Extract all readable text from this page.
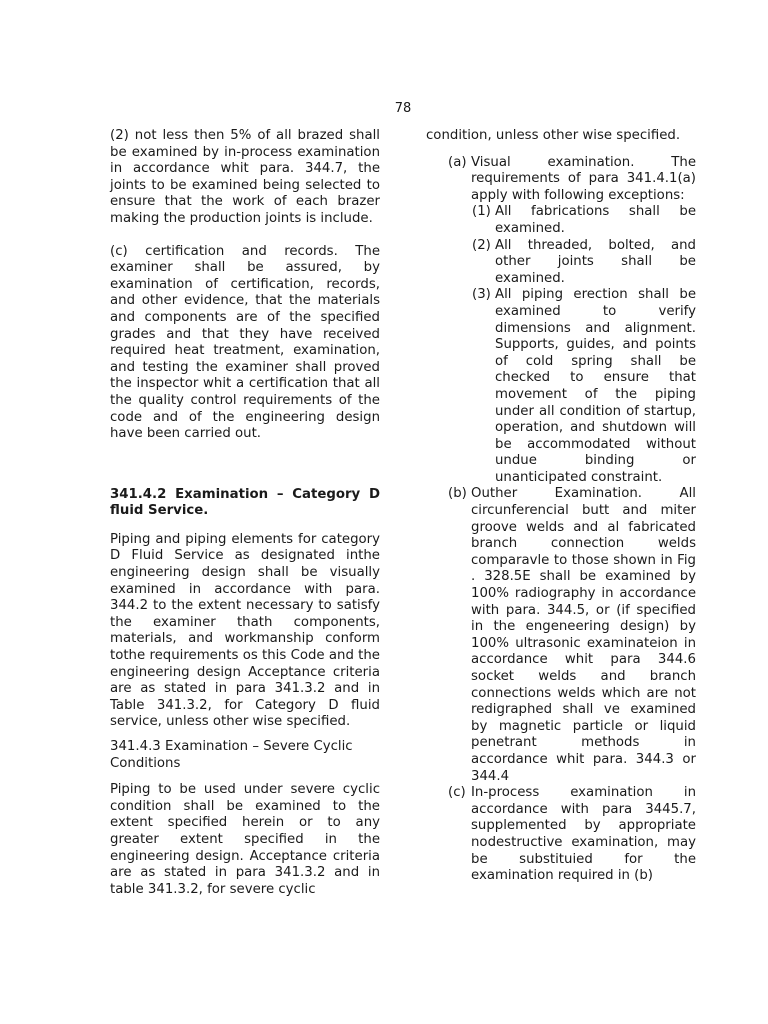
78

(2) not less then 5% of all brazed shall be examined by in-process examination in accordance whit para. 344.7, the joints to be examined being selected to ensure that the work of each brazer making the production joints is include.

(c) certification and records. The examiner shall be assured, by examination of certification, records, and other evidence, that the materials and components are of the specified grades and that they have received required heat treatment, examination, and testing the examiner shall proved the inspector whit a certification that all the quality control requirements of the code and of the engineering design have been carried out.

341.4.2 Examination – Category D fluid Service.

Piping and piping elements for category D Fluid Service as designated inthe engineering design shall be visually examined in accordance with para. 344.2 to the extent necessary to satisfy the examiner thath components, materials, and workmanship conform tothe requirements os this Code and the engineering design Acceptance criteria are as stated in para 341.3.2 and in Table 341.3.2, for Category D fluid service, unless other wise specified.

341.4.3 Examination – Severe Cyclic Conditions

Piping to be used under severe cyclic condition shall be examined to the extent specified herein or to any greater extent specified in the engineering design. Acceptance criteria are as stated in para 341.3.2 and in table 341.3.2, for severe cyclic

condition, unless other wise specified.

(a) Visual examination. The requirements of para 341.4.1(a) apply with following exceptions:
(1) All fabrications shall be examined.
(2) All threaded, bolted, and other joints shall be examined.
(3) All piping erection shall be examined to verify dimensions and alignment. Supports, guides, and points of cold spring shall be checked to ensure that movement of the piping under all condition of startup, operation, and shutdown will be accommodated without undue binding or unanticipated constraint.
(b) Outher Examination. All circunferencial butt and miter groove welds and al fabricated branch connection welds comparavle to those shown in Fig . 328.5E shall be examined by 100% radiography in accordance with para. 344.5, or (if specified in the engeneering design) by 100% ultrasonic examinateion in accordance whit para 344.6 socket welds and branch connections welds which are not redigraphed shall ve examined by magnetic particle or liquid penetrant methods in accordance whit para. 344.3 or 344.4
(c) In-process examination in accordance with para 3445.7, supplemented by appropriate nodestructive examination, may be substituied for the examination required in (b)
